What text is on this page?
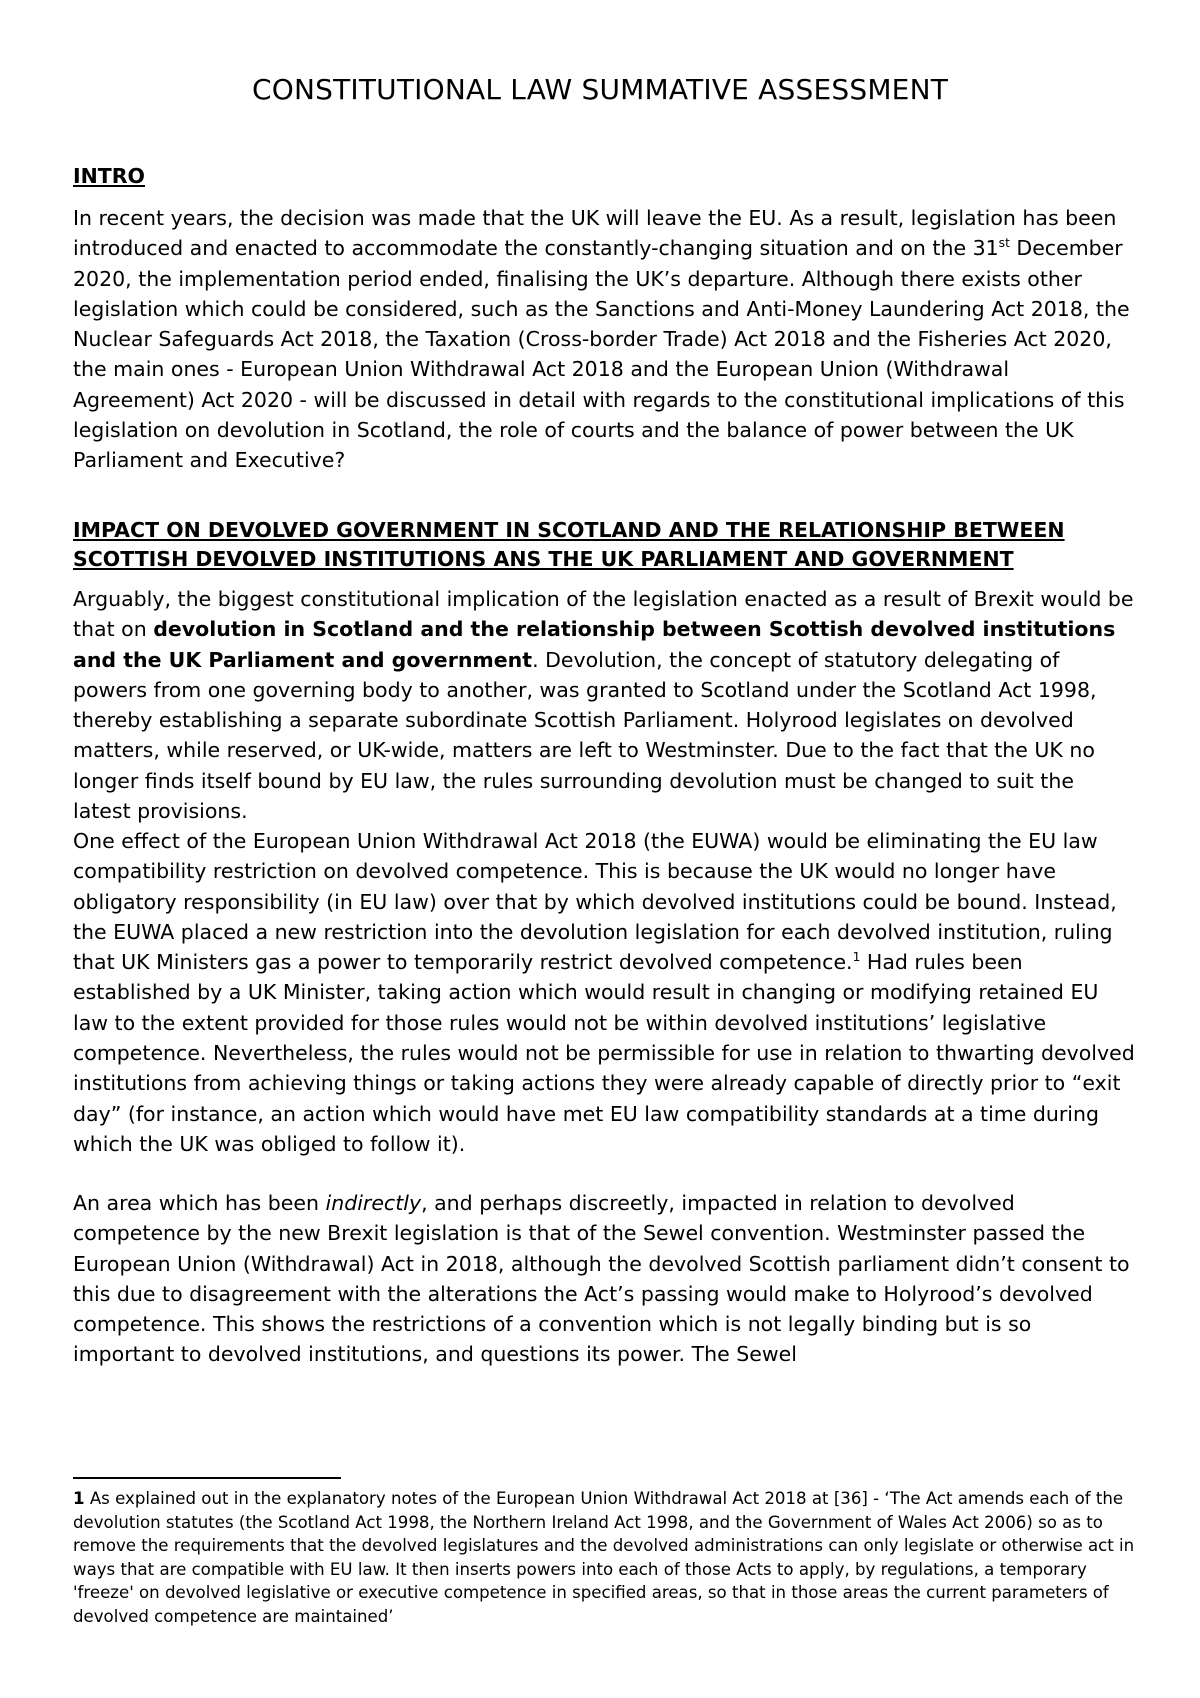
CONSTITUTIONAL LAW SUMMATIVE ASSESSMENT
INTRO

In recent years, the decision was made that the UK will leave the EU. As a result, legislation has been introduced and enacted to accommodate the constantly-changing situation and on the 31st December 2020, the implementation period ended, finalising the UK’s departure. Although there exists other legislation which could be considered, such as the Sanctions and Anti-Money Laundering Act 2018, the Nuclear Safeguards Act 2018, the Taxation (Cross-border Trade) Act 2018 and the Fisheries Act 2020, the main ones - European Union Withdrawal Act 2018 and the European Union (Withdrawal Agreement) Act 2020 - will be discussed in detail with regards to the constitutional implications of this legislation on devolution in Scotland, the role of courts and the balance of power between the UK Parliament and Executive?

IMPACT ON DEVOLVED GOVERNMENT IN SCOTLAND AND THE RELATIONSHIP BETWEEN
SCOTTISH DEVOLVED INSTITUTIONS ANS THE UK PARLIAMENT AND GOVERNMENT

Arguably, the biggest constitutional implication of the legislation enacted as a result of Brexit would be that on devolution in Scotland and the relationship between Scottish devolved institutions and the UK Parliament and government. Devolution, the concept of statutory delegating of powers from one governing body to another, was granted to Scotland under the Scotland Act 1998, thereby establishing a separate subordinate Scottish Parliament. Holyrood legislates on devolved matters, while reserved, or UK-wide, matters are left to Westminster. Due to the fact that the UK no longer finds itself bound by EU law, the rules surrounding devolution must be changed to suit the latest provisions.

One effect of the European Union Withdrawal Act 2018 (the EUWA) would be eliminating the EU law compatibility restriction on devolved competence. This is because the UK would no longer have obligatory responsibility (in EU law) over that by which devolved institutions could be bound. Instead, the EUWA placed a new restriction into the devolution legislation for each devolved institution, ruling that UK Ministers gas a power to temporarily restrict devolved competence.$^1$ Had rules been established by a UK Minister, taking action which would result in changing or modifying retained EU law to the extent provided for those rules would not be within devolved institutions’ legislative competence. Nevertheless, the rules would not be permissible for use in relation to thwarting devolved institutions from achieving things or taking actions they were already capable of directly prior to “exit day” (for instance, an action which would have met EU law compatibility standards at a time during which the UK was obliged to follow it).

An area which has been indirectly, and perhaps discreetly, impacted in relation to devolved competence by the new Brexit legislation is that of the Sewel convention. Westminster passed the European Union (Withdrawal) Act in 2018, although the devolved Scottish parliament didn’t consent to this due to disagreement with the alterations the Act’s passing would make to Holyrood’s devolved competence. This shows the restrictions of a convention which is not legally binding but is so important to devolved institutions, and questions its power. The Sewel

1 As explained out in the explanatory notes of the European Union Withdrawal Act 2018 at [36] - ‘The Act amends each of the devolution statutes (the Scotland Act 1998, the Northern Ireland Act 1998, and the Government of Wales Act 2006) so as to remove the requirements that the devolved legislatures and the devolved administrations can only legislate or otherwise act in ways that are compatible with EU law. It then inserts powers into each of those Acts to apply, by regulations, a temporary 'freeze' on devolved legislative or executive competence in specified areas, so that in those areas the current parameters of devolved competence are maintained’
